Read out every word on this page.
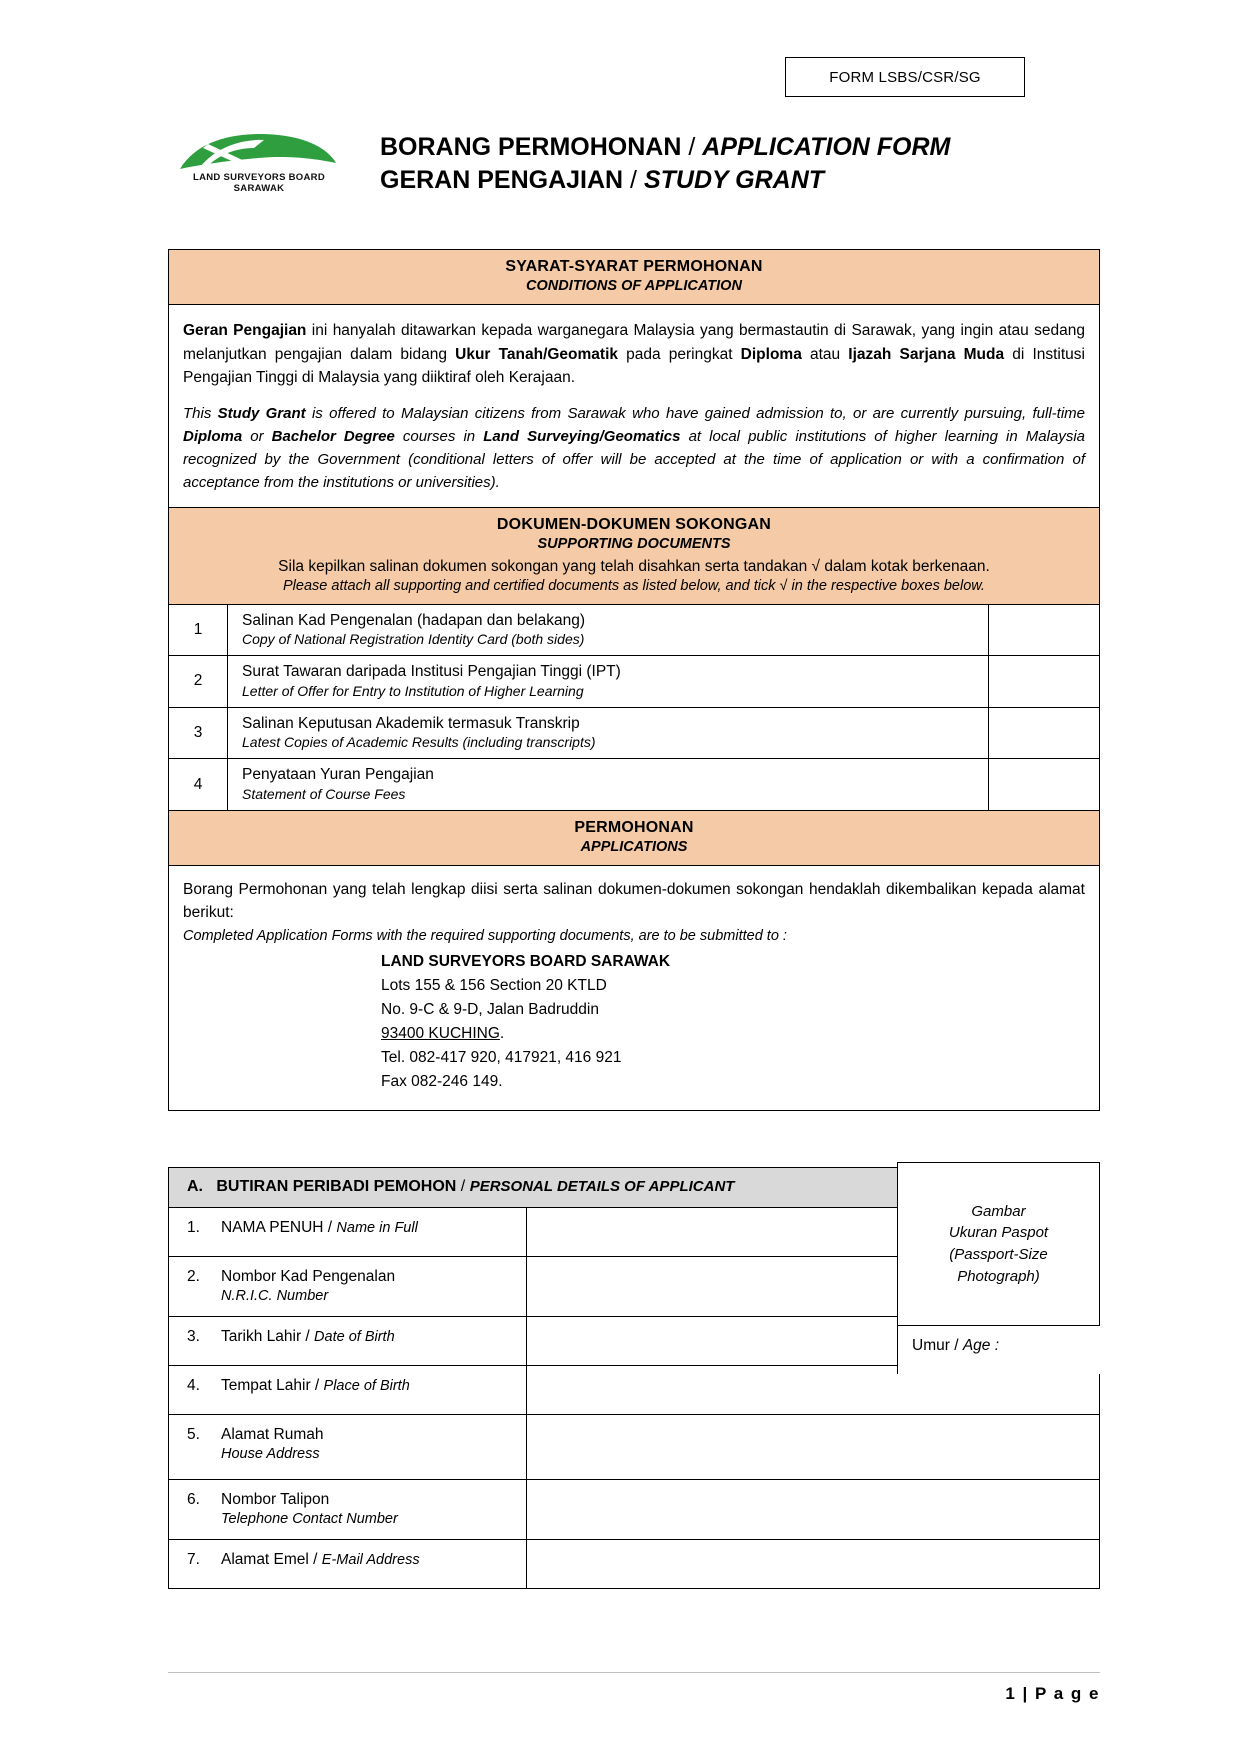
FORM LSBS/CSR/SG
LAND SURVEYORS BOARD SARAWAK
BORANG PERMOHONAN / APPLICATION FORM
GERAN PENGAJIAN / STUDY GRANT
SYARAT-SYARAT PERMOHONAN
CONDITIONS OF APPLICATION
Geran Pengajian ini hanyalah ditawarkan kepada warganegara Malaysia yang bermastautin di Sarawak, yang ingin atau sedang melanjutkan pengajian dalam bidang Ukur Tanah/Geomatik pada peringkat Diploma atau Ijazah Sarjana Muda di Institusi Pengajian Tinggi di Malaysia yang diiktiraf oleh Kerajaan.
This Study Grant is offered to Malaysian citizens from Sarawak who have gained admission to, or are currently pursuing, full-time Diploma or Bachelor Degree courses in Land Surveying/Geomatics at local public institutions of higher learning in Malaysia recognized by the Government (conditional letters of offer will be accepted at the time of application or with a confirmation of acceptance from the institutions or universities).
DOKUMEN-DOKUMEN SOKONGAN
SUPPORTING DOCUMENTS
Sila kepilkan salinan dokumen sokongan yang telah disahkan serta tandakan √ dalam kotak berkenaan.
Please attach all supporting and certified documents as listed below, and tick √ in the respective boxes below.
1
Salinan Kad Pengenalan (hadapan dan belakang)
Copy of National Registration Identity Card (both sides)
2
Surat Tawaran daripada Institusi Pengajian Tinggi (IPT)
Letter of Offer for Entry to Institution of Higher Learning
3
Salinan Keputusan Akademik termasuk Transkrip
Latest Copies of Academic Results (including transcripts)
4
Penyataan Yuran Pengajian
Statement of Course Fees
PERMOHONAN
APPLICATIONS
Borang Permohonan yang telah lengkap diisi serta salinan dokumen-dokumen sokongan hendaklah dikembalikan kepada alamat berikut:
Completed Application Forms with the required supporting documents, are to be submitted to :
LAND SURVEYORS BOARD SARAWAK
Lots 155 & 156 Section 20 KTLD
No. 9-C & 9-D, Jalan Badruddin
93400 KUCHING.
Tel. 082-417 920, 417921, 416 921
Fax 082-246 149.
A. BUTIRAN PERIBADI PEMOHON / PERSONAL DETAILS OF APPLICANT
1. NAMA PENUH / Name in Full
2. Nombor Kad Pengenalan
N.R.I.C. Number
3. Tarikh Lahir / Date of Birth
4. Tempat Lahir / Place of Birth
5. Alamat Rumah
House Address
6. Nombor Talipon
Telephone Contact Number
7. Alamat Emel / E-Mail Address
Gambar
Ukuran Paspot
(Passport-Size
Photograph)
Umur / Age :
1 | P a g e
